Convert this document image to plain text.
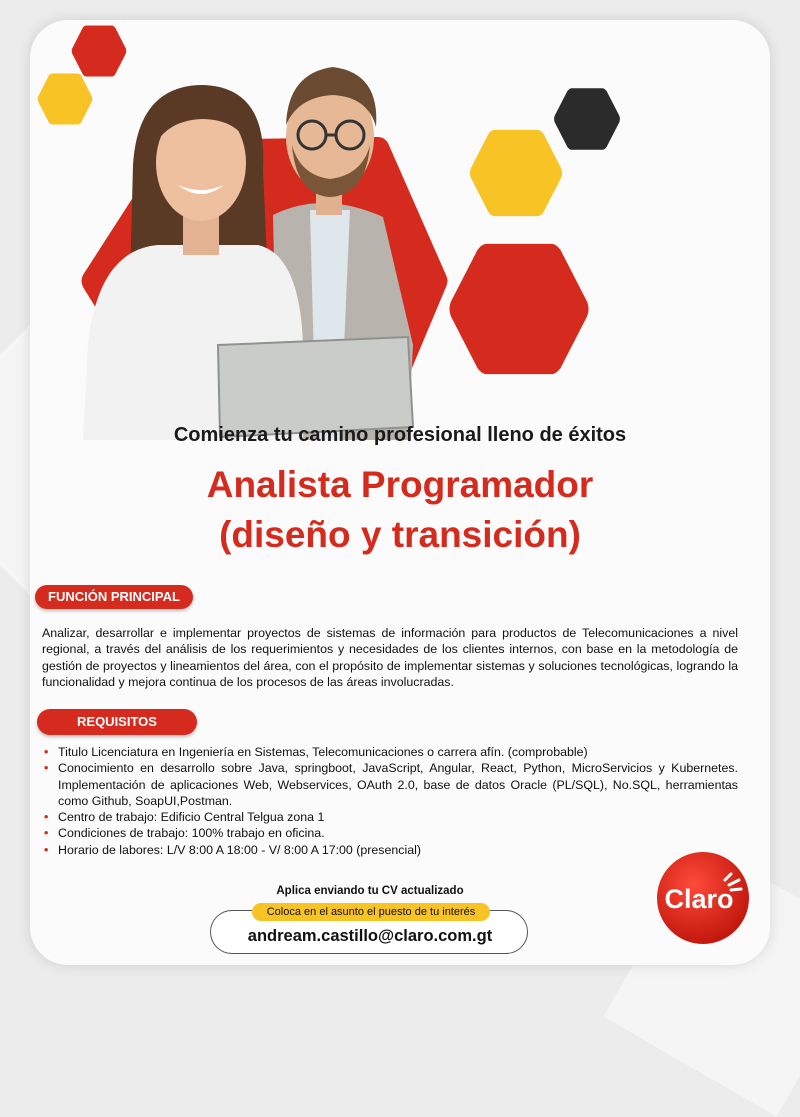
Comienza tu camino profesional lleno de éxitos
Analista Programador
(diseño y transición)
FUNCIÓN PRINCIPAL
Analizar, desarrollar e implementar proyectos de sistemas de información para productos de Telecomunicaciones a nivel regional, a través del análisis de los requerimientos y necesidades de los clientes internos, con base en la metodología de gestión de proyectos y lineamientos del área, con el propósito de implementar sistemas y soluciones tecnológicas, logrando la funcionalidad y mejora continua de los procesos de las áreas involucradas.
REQUISITOS
• Titulo Licenciatura en Ingeniería en Sistemas, Telecomunicaciones o carrera afín. (comprobable)
• Conocimiento en desarrollo sobre Java, springboot, JavaScript, Angular, React, Python, MicroServicios y Kubernetes. Implementación de aplicaciones Web, Webservices, OAuth 2.0, base de datos Oracle (PL/SQL), No.SQL, herramientas como Github, SoapUI,Postman.
• Centro de trabajo: Edificio Central Telgua zona 1
• Condiciones de trabajo: 100% trabajo en oficina.
• Horario de labores: L/V 8:00 A 18:00 - V/ 8:00 A 17:00 (presencial)
Aplica enviando tu CV actualizado
Coloca en el asunto el puesto de tu interés
andream.castillo@claro.com.gt
Claro
